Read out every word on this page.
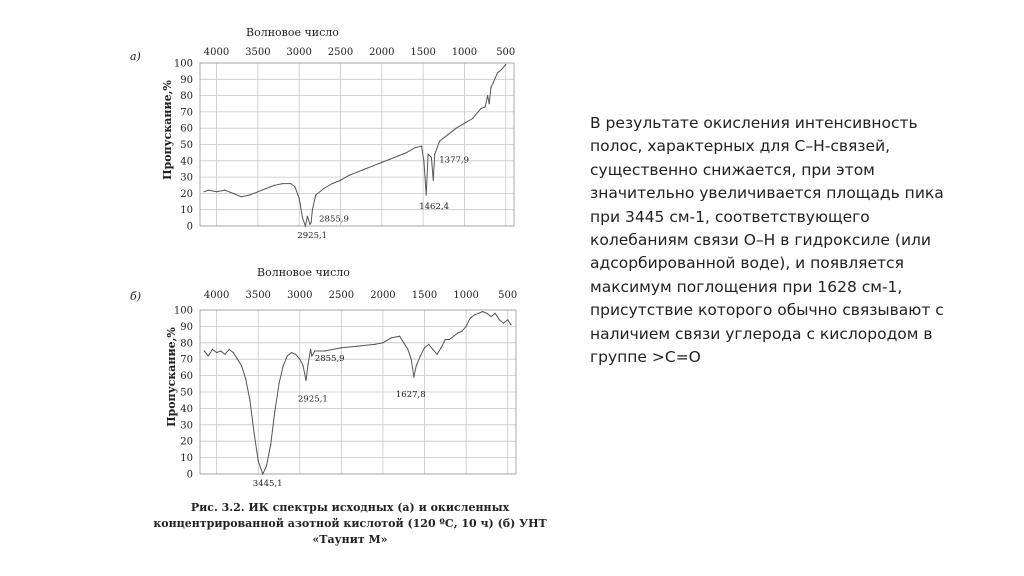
100
90
80
70
60
50
40
30
20
10
0
4000 3500 3000 2500 2000 1500 1000 500
Волновое число
Пропускание,%
а)
2925,1
2855,9
1462,4
1377,9
100
90
80
70
60
50
40
30
20
10
0
4000 3500 3000 2500 2000 1500 1000 500
Волновое число
Пропускание,%
б)
3445,1
2925,1
2855,9
1627,8
Рис. 3.2. ИК спектры исходных (а) и окисленных
концентрированной азотной кислотой (120 ºС, 10 ч) (б) УНТ «Таунит М»
В результате окисления интенсивность
полос, характерных для С–Н-связей,
существенно снижается, при этом
значительно увеличивается площадь пика
при 3445 см-1, соответствующего
колебаниям связи О–Н в гидроксиле (или
адсорбированной воде), и появляется
максимум поглощения при 1628 см-1,
присутствие которого обычно связывают с
наличием связи углерода с кислородом в
группе >С=О
